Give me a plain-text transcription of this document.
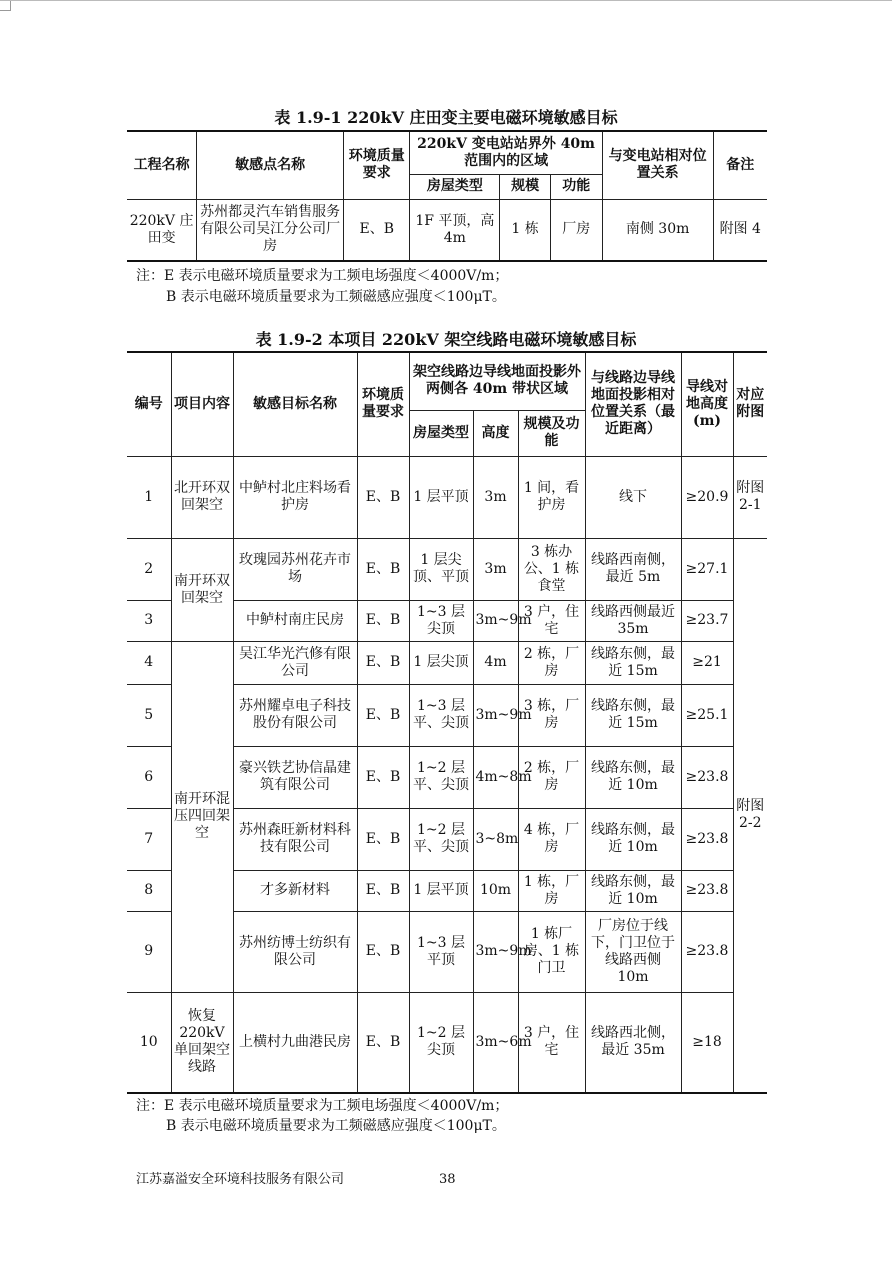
表 1.9-1 220kV 庄田变主要电磁环境敏感目标
工程名称	敏感点名称	环境质量要求	220kV 变电站站界外 40m 范围内的区域			与变电站相对位置关系	备注
			房屋类型	规模	功能		
220kV 庄田变	苏州都灵汽车销售服务有限公司吴江分公司厂房	E、B	1F 平顶，高 4m	1 栋	厂房	南侧 30m	附图 4
注：E 表示电磁环境质量要求为工频电场强度＜4000V/m；
B 表示电磁环境质量要求为工频磁感应强度＜100μT。
表 1.9-2 本项目 220kV 架空线路电磁环境敏感目标
编号	项目内容	敏感目标名称	环境质量要求	架空线路边导线地面投影外两侧各 40m 带状区域			与线路边导线地面投影相对位置关系（最近距离）	导线对地高度(m)	对应附图
				房屋类型	高度	规模及功能			
1	北开环双回架空	中鲈村北庄料场看护房	E、B	1 层平顶	3m	1 间，看护房	线下	≥20.9	附图 2-1
2	南开环双回架空	玫瑰园苏州花卉市场	E、B	1 层尖顶、平顶	3m	3 栋办公、1 栋食堂	线路西南侧，最近 5m	≥27.1	附图 2-2
3		中鲈村南庄民房	E、B	1~3 层尖顶	3m~9m	3 户，住宅	线路西侧最近 35m	≥23.7	
4	南开环混压四回架空	吴江华光汽修有限公司	E、B	1 层尖顶	4m	2 栋，厂房	线路东侧，最近 15m	≥21	
5		苏州耀卓电子科技股份有限公司	E、B	1~3 层平、尖顶	3m~9m	3 栋，厂房	线路东侧，最近 15m	≥25.1	
6		豪兴铁艺协信晶建筑有限公司	E、B	1~2 层平、尖顶	4m~8m	2 栋，厂房	线路东侧，最近 10m	≥23.8	
7		苏州森旺新材料科技有限公司	E、B	1~2 层平、尖顶	3~8m	4 栋，厂房	线路东侧，最近 10m	≥23.8	
8		才多新材料	E、B	1 层平顶	10m	1 栋，厂房	线路东侧，最近 10m	≥23.8	
9		苏州纺博士纺织有限公司	E、B	1~3 层平顶	3m~9m	1 栋厂房、1 栋门卫	厂房位于线下，门卫位于线路西侧 10m	≥23.8	
10	恢复 220kV 单回架空线路	上横村九曲港民房	E、B	1~2 层尖顶	3m~6m	3 户，住宅	线路西北侧，最近 35m	≥18	
注：E 表示电磁环境质量要求为工频电场强度＜4000V/m；
B 表示电磁环境质量要求为工频磁感应强度＜100μT。
江苏嘉溢安全环境科技服务有限公司	38
